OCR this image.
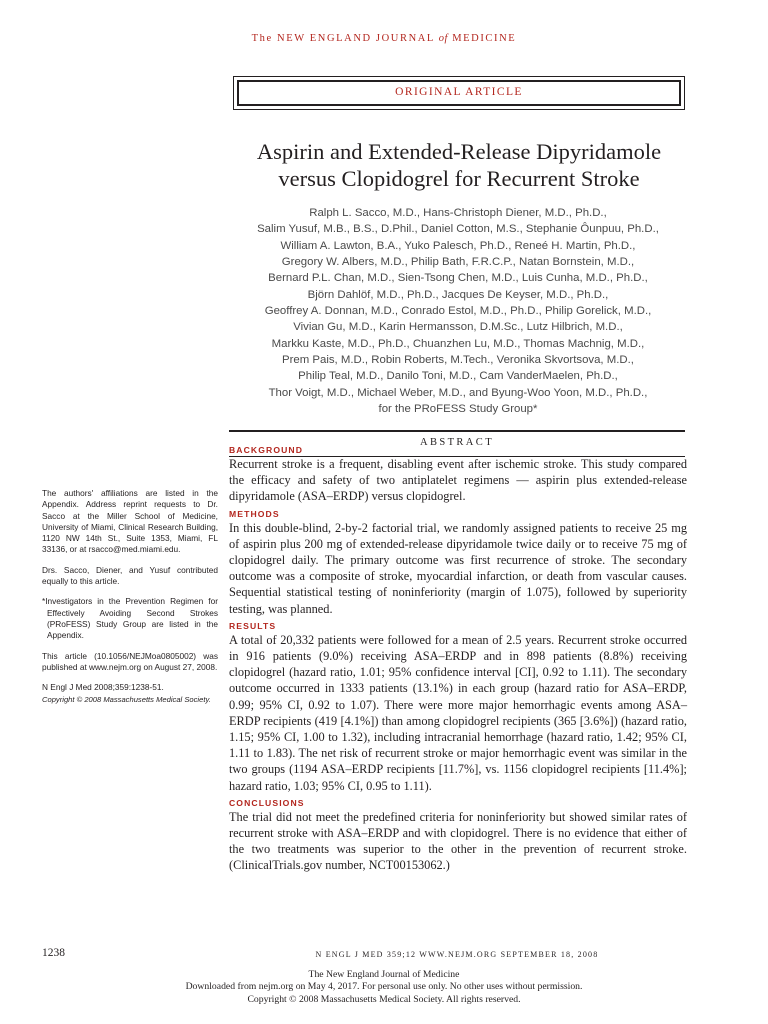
The NEW ENGLAND JOURNAL of MEDICINE
ORIGINAL ARTICLE
Aspirin and Extended-Release Dipyridamole
versus Clopidogrel for Recurrent Stroke
Ralph L. Sacco, M.D., Hans-Christoph Diener, M.D., Ph.D.,
Salim Yusuf, M.B., B.S., D.Phil., Daniel Cotton, M.S., Stephanie Ôunpuu, Ph.D.,
William A. Lawton, B.A., Yuko Palesch, Ph.D., Reneé H. Martin, Ph.D.,
Gregory W. Albers, M.D., Philip Bath, F.R.C.P., Natan Bornstein, M.D.,
Bernard P.L. Chan, M.D., Sien-Tsong Chen, M.D., Luis Cunha, M.D., Ph.D.,
Björn Dahlöf, M.D., Ph.D., Jacques De Keyser, M.D., Ph.D.,
Geoffrey A. Donnan, M.D., Conrado Estol, M.D., Ph.D., Philip Gorelick, M.D.,
Vivian Gu, M.D., Karin Hermansson, D.M.Sc., Lutz Hilbrich, M.D.,
Markku Kaste, M.D., Ph.D., Chuanzhen Lu, M.D., Thomas Machnig, M.D.,
Prem Pais, M.D., Robin Roberts, M.Tech., Veronika Skvortsova, M.D.,
Philip Teal, M.D., Danilo Toni, M.D., Cam VanderMaelen, Ph.D.,
Thor Voigt, M.D., Michael Weber, M.D., and Byung-Woo Yoon, M.D., Ph.D.,
for the PRoFESS Study Group*
ABSTRACT
BACKGROUND

Recurrent stroke is a frequent, disabling event after ischemic stroke. This study compared the efficacy and safety of two antiplatelet regimens — aspirin plus extended-release dipyridamole (ASA–ERDP) versus clopidogrel.

METHODS

In this double-blind, 2-by-2 factorial trial, we randomly assigned patients to receive 25 mg of aspirin plus 200 mg of extended-release dipyridamole twice daily or to receive 75 mg of clopidogrel daily. The primary outcome was first recurrence of stroke. The secondary outcome was a composite of stroke, myocardial infarction, or death from vascular causes. Sequential statistical testing of noninferiority (margin of 1.075), followed by superiority testing, was planned.

RESULTS

A total of 20,332 patients were followed for a mean of 2.5 years. Recurrent stroke occurred in 916 patients (9.0%) receiving ASA–ERDP and in 898 patients (8.8%) receiving clopidogrel (hazard ratio, 1.01; 95% confidence interval [CI], 0.92 to 1.11). The secondary outcome occurred in 1333 patients (13.1%) in each group (hazard ratio for ASA–ERDP, 0.99; 95% CI, 0.92 to 1.07). There were more major hemorrhagic events among ASA–ERDP recipients (419 [4.1%]) than among clopidogrel recipients (365 [3.6%]) (hazard ratio, 1.15; 95% CI, 1.00 to 1.32), including intracranial hemorrhage (hazard ratio, 1.42; 95% CI, 1.11 to 1.83). The net risk of recurrent stroke or major hemorrhagic event was similar in the two groups (1194 ASA–ERDP recipients [11.7%], vs. 1156 clopidogrel recipients [11.4%]; hazard ratio, 1.03; 95% CI, 0.95 to 1.11).

CONCLUSIONS

The trial did not meet the predefined criteria for noninferiority but showed similar rates of recurrent stroke with ASA–ERDP and with clopidogrel. There is no evidence that either of the two treatments was superior to the other in the prevention of recurrent stroke. (ClinicalTrials.gov number, NCT00153062.)

The authors' affiliations are listed in the Appendix. Address reprint requests to Dr. Sacco at the Miller School of Medicine, University of Miami, Clinical Research Building, 1120 NW 14th St., Suite 1353, Miami, FL 33136, or at rsacco@med.miami.edu.

Drs. Sacco, Diener, and Yusuf contributed equally to this article.

*Investigators in the Prevention Regimen for Effectively Avoiding Second Strokes (PRoFESS) Study Group are listed in the Appendix.

This article (10.1056/NEJMoa0805002) was published at www.nejm.org on August 27, 2008.

N Engl J Med 2008;359:1238-51.

Copyright © 2008 Massachusetts Medical Society.

1238	N ENGL J MED 359;12 WWW.NEJM.ORG SEPTEMBER 18, 2008
The New England Journal of Medicine
Downloaded from nejm.org on May 4, 2017. For personal use only. No other uses without permission.
Copyright © 2008 Massachusetts Medical Society. All rights reserved.
